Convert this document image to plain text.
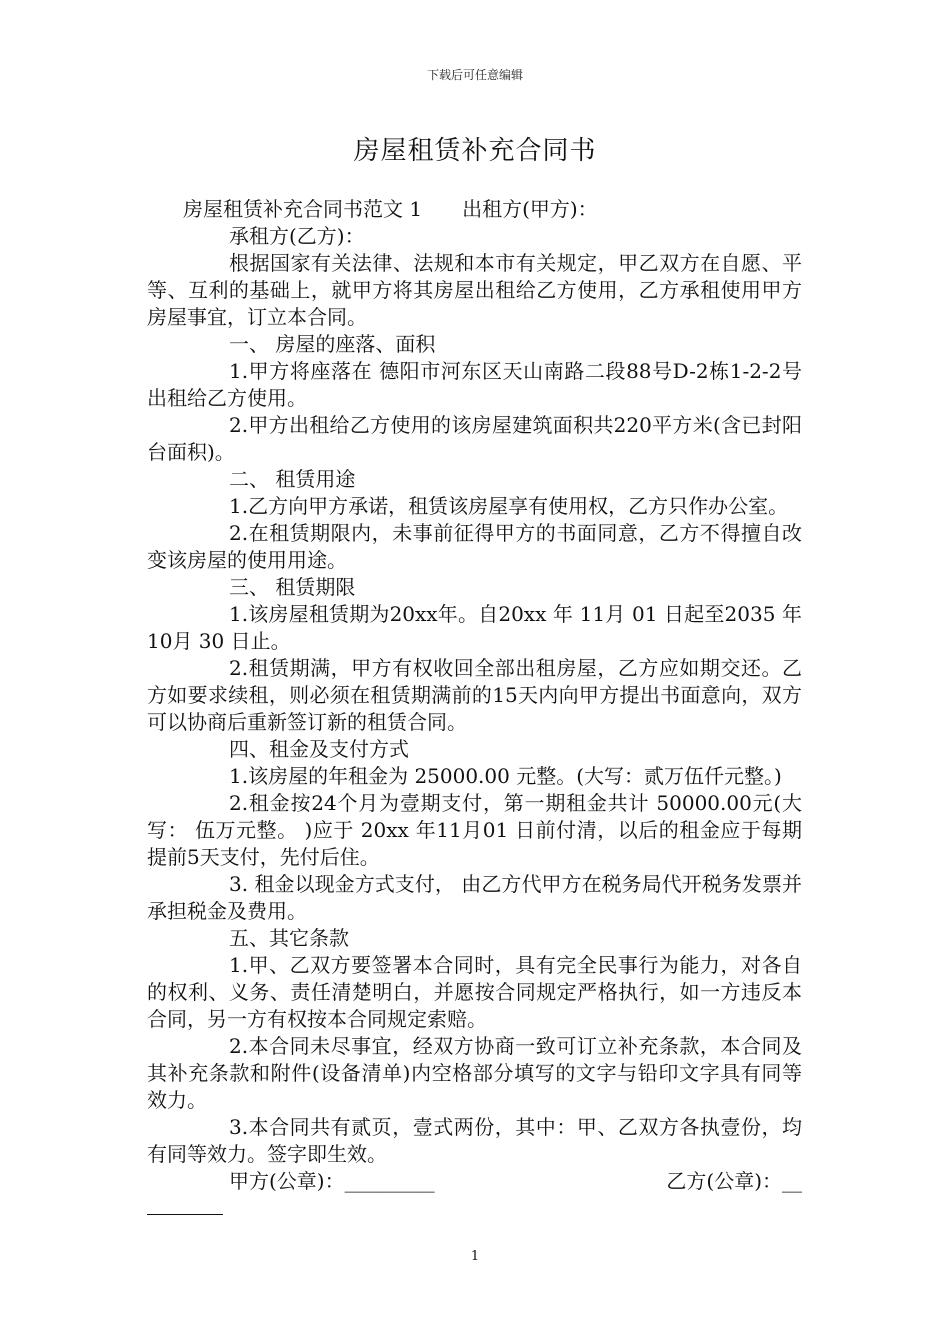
下载后可任意编辑
房屋租赁补充合同书

房屋租赁补充合同书范文 1　　出租方(甲方)：

承租方(乙方)：

根据国家有关法律、法规和本市有关规定，甲乙双方在自愿、平等、互利的基础上，就甲方将其房屋出租给乙方使用，乙方承租使用甲方房屋事宜，订立本合同。

一、 房屋的座落、面积

1.甲方将座落在 德阳市河东区天山南路二段88号D-2栋1-2-2号 出租给乙方使用。

2.甲方出租给乙方使用的该房屋建筑面积共220平方米(含已封阳台面积)。

二、 租赁用途

1.乙方向甲方承诺，租赁该房屋享有使用权，乙方只作办公室。

2.在租赁期限内，未事前征得甲方的书面同意，乙方不得擅自改变该房屋的使用用途。

三、 租赁期限

1.该房屋租赁期为20xx年。自20xx 年 11月 01 日起至2035 年 10月 30 日止。

2.租赁期满，甲方有权收回全部出租房屋，乙方应如期交还。乙方如要求续租，则必须在租赁期满前的15天内向甲方提出书面意向，双方可以协商后重新签订新的租赁合同。

四、租金及支付方式

1.该房屋的年租金为 25000.00 元整。(大写：贰万伍仟元整。)

2.租金按24个月为壹期支付，第一期租金共计 50000.00元(大写： 伍万元整。 )应于 20xx 年11月01 日前付清，以后的租金应于每期提前5天支付，先付后住。

3. 租金以现金方式支付， 由乙方代甲方在税务局代开税务发票并承担税金及费用。

五、其它条款

1.甲、乙双方要签署本合同时，具有完全民事行为能力，对各自的权利、义务、责任清楚明白，并愿按合同规定严格执行，如一方违反本合同，另一方有权按本合同规定索赔。

2.本合同未尽事宜，经双方协商一致可订立补充条款，本合同及其补充条款和附件(设备清单)内空格部分填写的文字与铅印文字具有同等效力。

3.本合同共有贰页，壹式两份，其中：甲、乙双方各执壹份，均有同等效力。签字即生效。

甲方(公章)：_________	乙方(公章)：__
1
